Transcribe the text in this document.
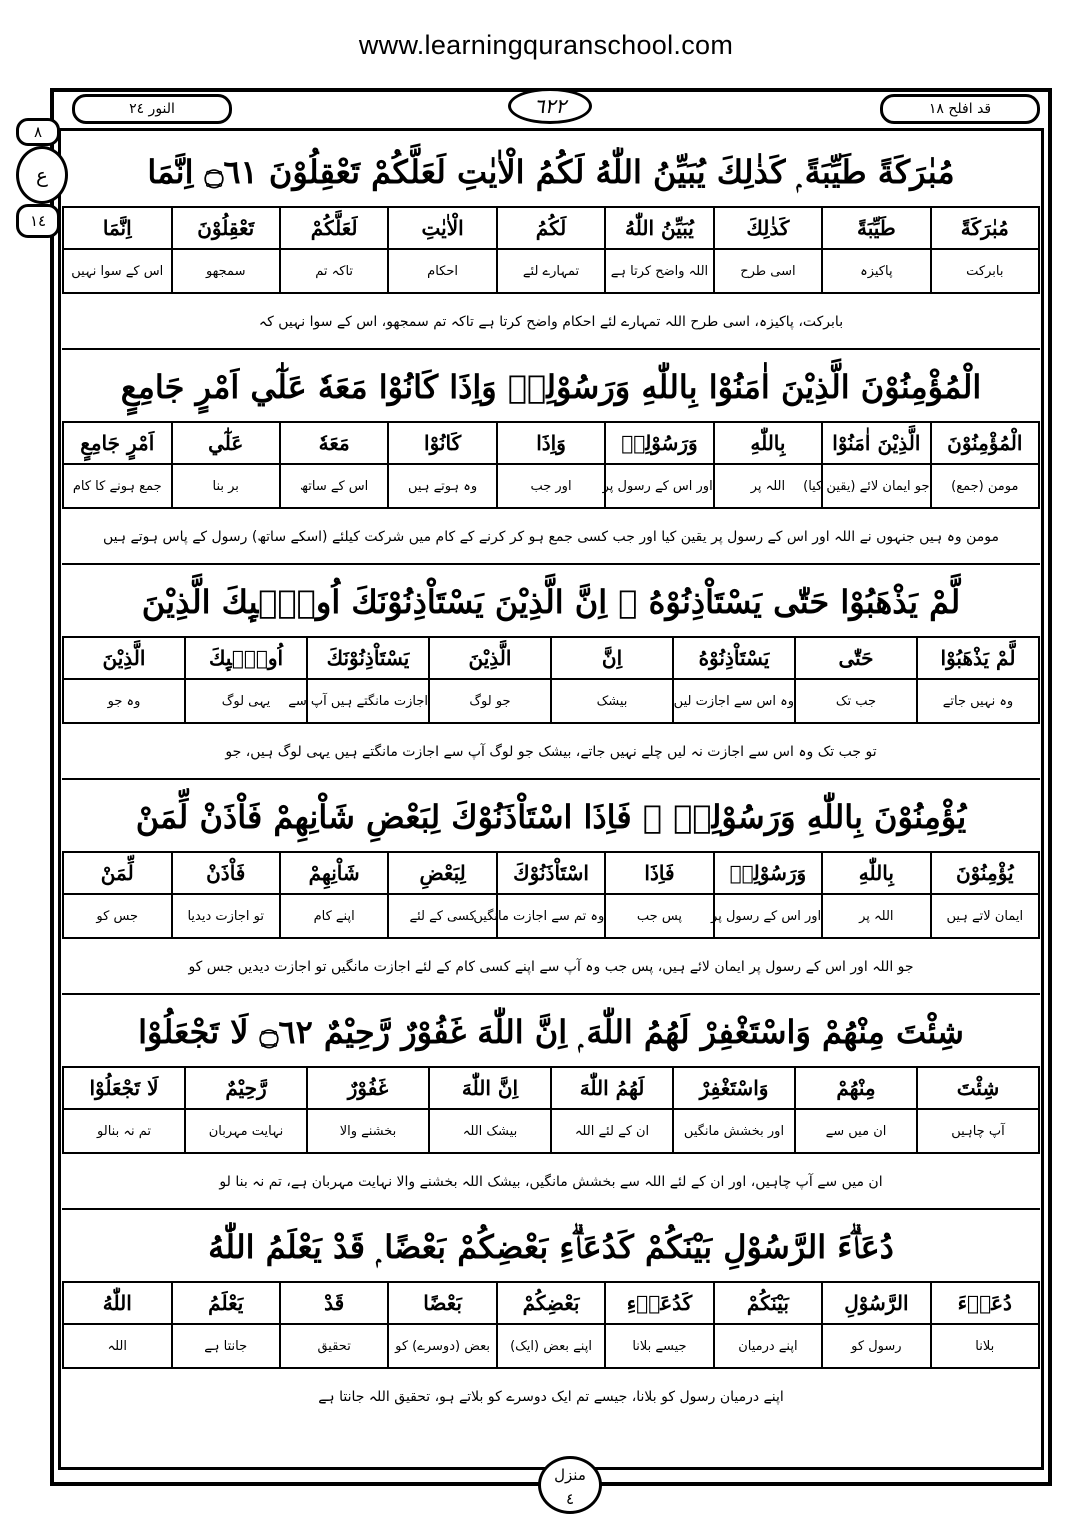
www.learningquranschool.com
قد افلح ١٨
النور ٢٤	٦٢٢
٨
ع
١٤
مُبٰرَكَةً طَيِّبَةً ۭ كَذٰلِكَ يُبَيِّنُ اللّٰهُ لَكُمُ الْاٰيٰتِ لَعَلَّكُمْ تَعْقِلُوْنَ ۝٦١ اِنَّمَا
مُبٰرَكَةً	طَيِّبَةً	كَذٰلِكَ	يُبَيِّنُ اللّٰهُ	لَكُمُ	الْاٰيٰتِ	لَعَلَّكُمْ	تَعْقِلُوْنَ	اِنَّمَا
بابرکت	پاکیزہ	اسی طرح	اللہ واضح کرتا ہے	تمہارے لئے	احکام	تاکہ تم	سمجھو	اس کے سوا نہیں
بابرکت، پاکیزہ، اسی طرح اللہ تمہارے لئے احکام واضح کرتا ہے تاکہ تم سمجھو، اس کے سوا نہیں کہ
الْمُؤْمِنُوْنَ الَّذِيْنَ اٰمَنُوْا بِاللّٰهِ وَرَسُوْلِهٖ وَاِذَا كَانُوْا مَعَهٗ عَلٰٓي اَمْرٍ جَامِعٍ
الْمُؤْمِنُوْنَ	الَّذِيْنَ اٰمَنُوْا	بِاللّٰهِ	وَرَسُوْلِهٖ	وَاِذَا	كَانُوْا	مَعَهٗ	عَلٰٓي	اَمْرٍ جَامِعٍ
مومن (جمع)	جو ایمان لائے (یقین کیا)	اللہ پر	اور اس کے رسول پر	اور جب	وہ ہوتے ہیں	اس کے ساتھ	بر بنا	جمع ہونے کا کام
مومن وہ ہیں جنہوں نے اللہ اور اس کے رسول پر یقین کیا اور جب کسی جمع ہو کر کرنے کے کام میں شرکت کیلئے (اسکے ساتھ) رسول کے پاس ہوتے ہیں
لَّمْ يَذْهَبُوْا حَتّٰى يَسْتَاْذِنُوْهُ ۭ اِنَّ الَّذِيْنَ يَسْتَاْذِنُوْنَكَ اُولٰۗىِٕكَ الَّذِيْنَ
لَّمْ يَذْهَبُوْا	حَتّٰى	يَسْتَاْذِنُوْهُ	اِنَّ	الَّذِيْنَ	يَسْتَاْذِنُوْنَكَ	اُولٰۗىِٕكَ	الَّذِيْنَ
وہ نہیں جاتے	جب تک	وہ اس سے اجازت لیں	بیشک	جو لوگ	اجازت مانگتے ہیں آپ سے	یہی لوگ	وہ جو
تو جب تک وہ اس سے اجازت نہ لیں چلے نہیں جاتے، بیشک جو لوگ آپ سے اجازت مانگتے ہیں یہی لوگ ہیں، جو
يُؤْمِنُوْنَ بِاللّٰهِ وَرَسُوْلِهٖ ۚ فَاِذَا اسْتَاْذَنُوْكَ لِبَعْضِ شَاْنِهِمْ فَاْذَنْ لِّمَنْ
يُؤْمِنُوْنَ	بِاللّٰهِ	وَرَسُوْلِهٖ	فَاِذَا	اسْتَاْذَنُوْكَ	لِبَعْضِ	شَاْنِهِمْ	فَاْذَنْ	لِّمَنْ
ایمان لاتے ہیں	اللہ پر	اور اس کے رسول پر	پس جب	وہ تم سے اجازت مانگیں	کسی کے لئے	اپنے کام	تو اجازت دیدیا	جس کو
جو اللہ اور اس کے رسول پر ایمان لائے ہیں، پس جب وہ آپ سے اپنے کسی کام کے لئے اجازت مانگیں تو اجازت دیدیں جس کو
شِئْتَ مِنْهُمْ وَاسْتَغْفِرْ لَهُمُ اللّٰهَ ۭ اِنَّ اللّٰهَ غَفُوْرٌ رَّحِيْمٌ ۝٦٢ لَا تَجْعَلُوْا
شِئْتَ	مِنْهُمْ	وَاسْتَغْفِرْ	لَهُمُ اللّٰهَ	اِنَّ اللّٰهَ	غَفُوْرٌ	رَّحِيْمٌ	لَا تَجْعَلُوْا
آپ چاہیں	ان میں سے	اور بخشش مانگیں	ان کے لئے اللہ	بیشک اللہ	بخشنے والا	نہایت مہربان	تم نہ بنالو
ان میں سے آپ چاہیں، اور ان کے لئے اللہ سے بخشش مانگیں، بیشک اللہ بخشنے والا نہایت مہربان ہے، تم نہ بنا لو
دُعَاۗءَ الرَّسُوْلِ بَيْنَكُمْ كَدُعَاۗءِ بَعْضِكُمْ بَعْضًا ۭ قَدْ يَعْلَمُ اللّٰهُ
دُعَاۗءَ	الرَّسُوْلِ	بَيْنَكُمْ	كَدُعَاۗءِ	بَعْضِكُمْ	بَعْضًا	قَدْ	يَعْلَمُ	اللّٰهُ
بلانا	رسول کو	اپنے درمیان	جیسے بلانا	اپنے بعض (ایک)	بعض (دوسرے) کو	تحقیق	جانتا ہے	اللہ
اپنے درمیان رسول کو بلانا، جیسے تم ایک دوسرے کو بلاتے ہو، تحقیق اللہ جانتا ہے
منزل
٤
